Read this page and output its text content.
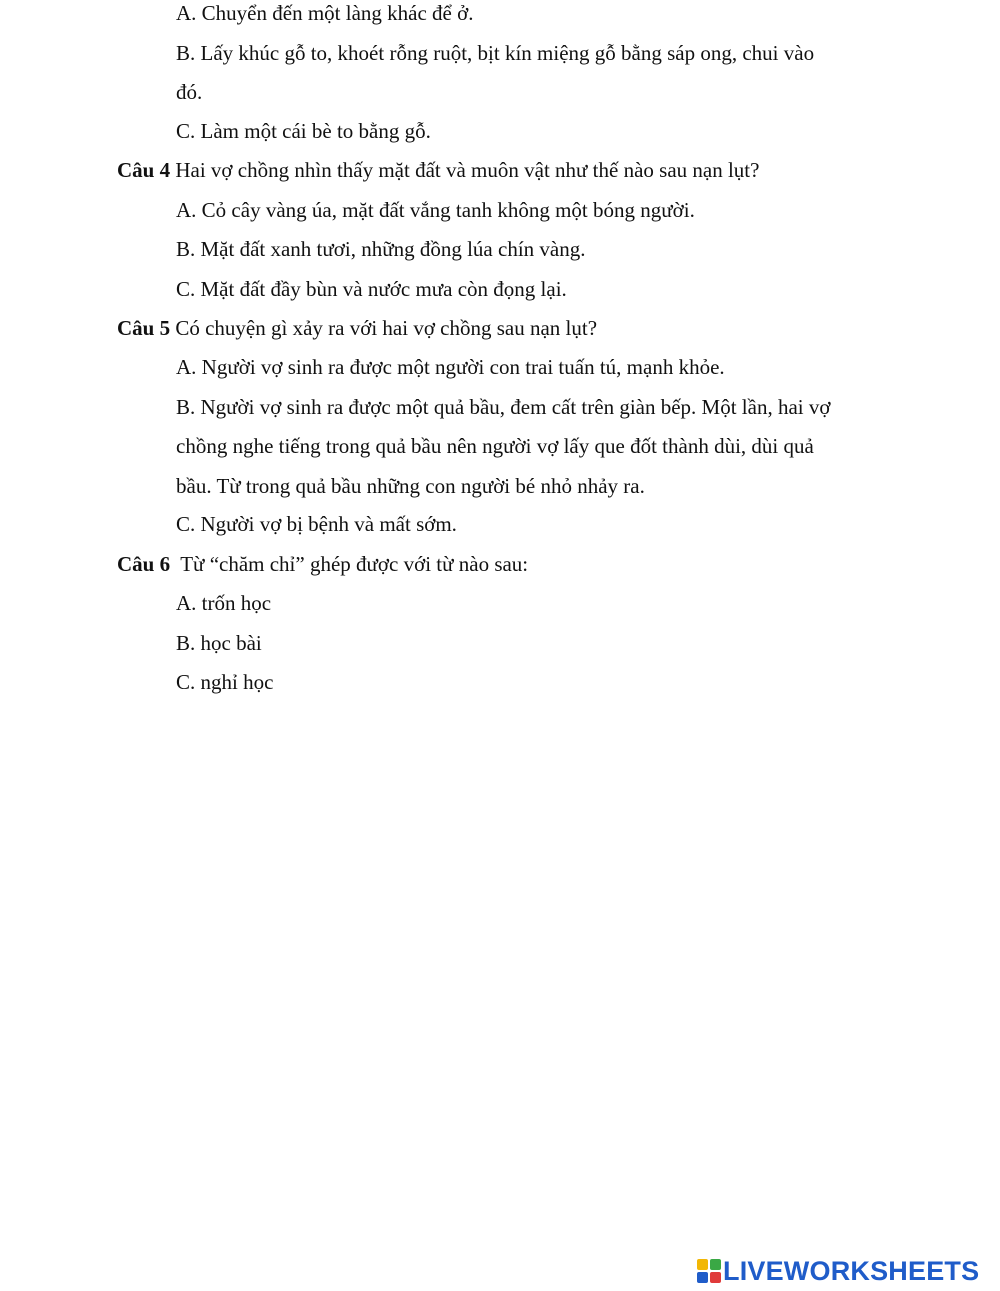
A. Chuyển đến một làng khác để ở.
B. Lấy khúc gỗ to, khoét rỗng ruột, bịt kín miệng gỗ bằng sáp ong, chui vào
đó.
C. Làm một cái bè to bằng gỗ.
Câu 4 Hai vợ chồng nhìn thấy mặt đất và muôn vật như thế nào sau nạn lụt?
A. Cỏ cây vàng úa, mặt đất vắng tanh không một bóng người.
B. Mặt đất xanh tươi, những đồng lúa chín vàng.
C. Mặt đất đầy bùn và nước mưa còn đọng lại.
Câu 5 Có chuyện gì xảy ra với hai vợ chồng sau nạn lụt?
A. Người vợ sinh ra được một người con trai tuấn tú, mạnh khỏe.
B. Người vợ sinh ra được một quả bầu, đem cất trên giàn bếp. Một lần, hai vợ
chồng nghe tiếng trong quả bầu nên người vợ lấy que đốt thành dùi, dùi quả
bầu. Từ trong quả bầu những con người bé nhỏ nhảy ra.
C. Người vợ bị bệnh và mất sớm.
Câu 6  Từ “chăm chỉ” ghép được với từ nào sau:
A. trốn học
B. học bài
C. nghỉ học
LIVEWORKSHEETS
